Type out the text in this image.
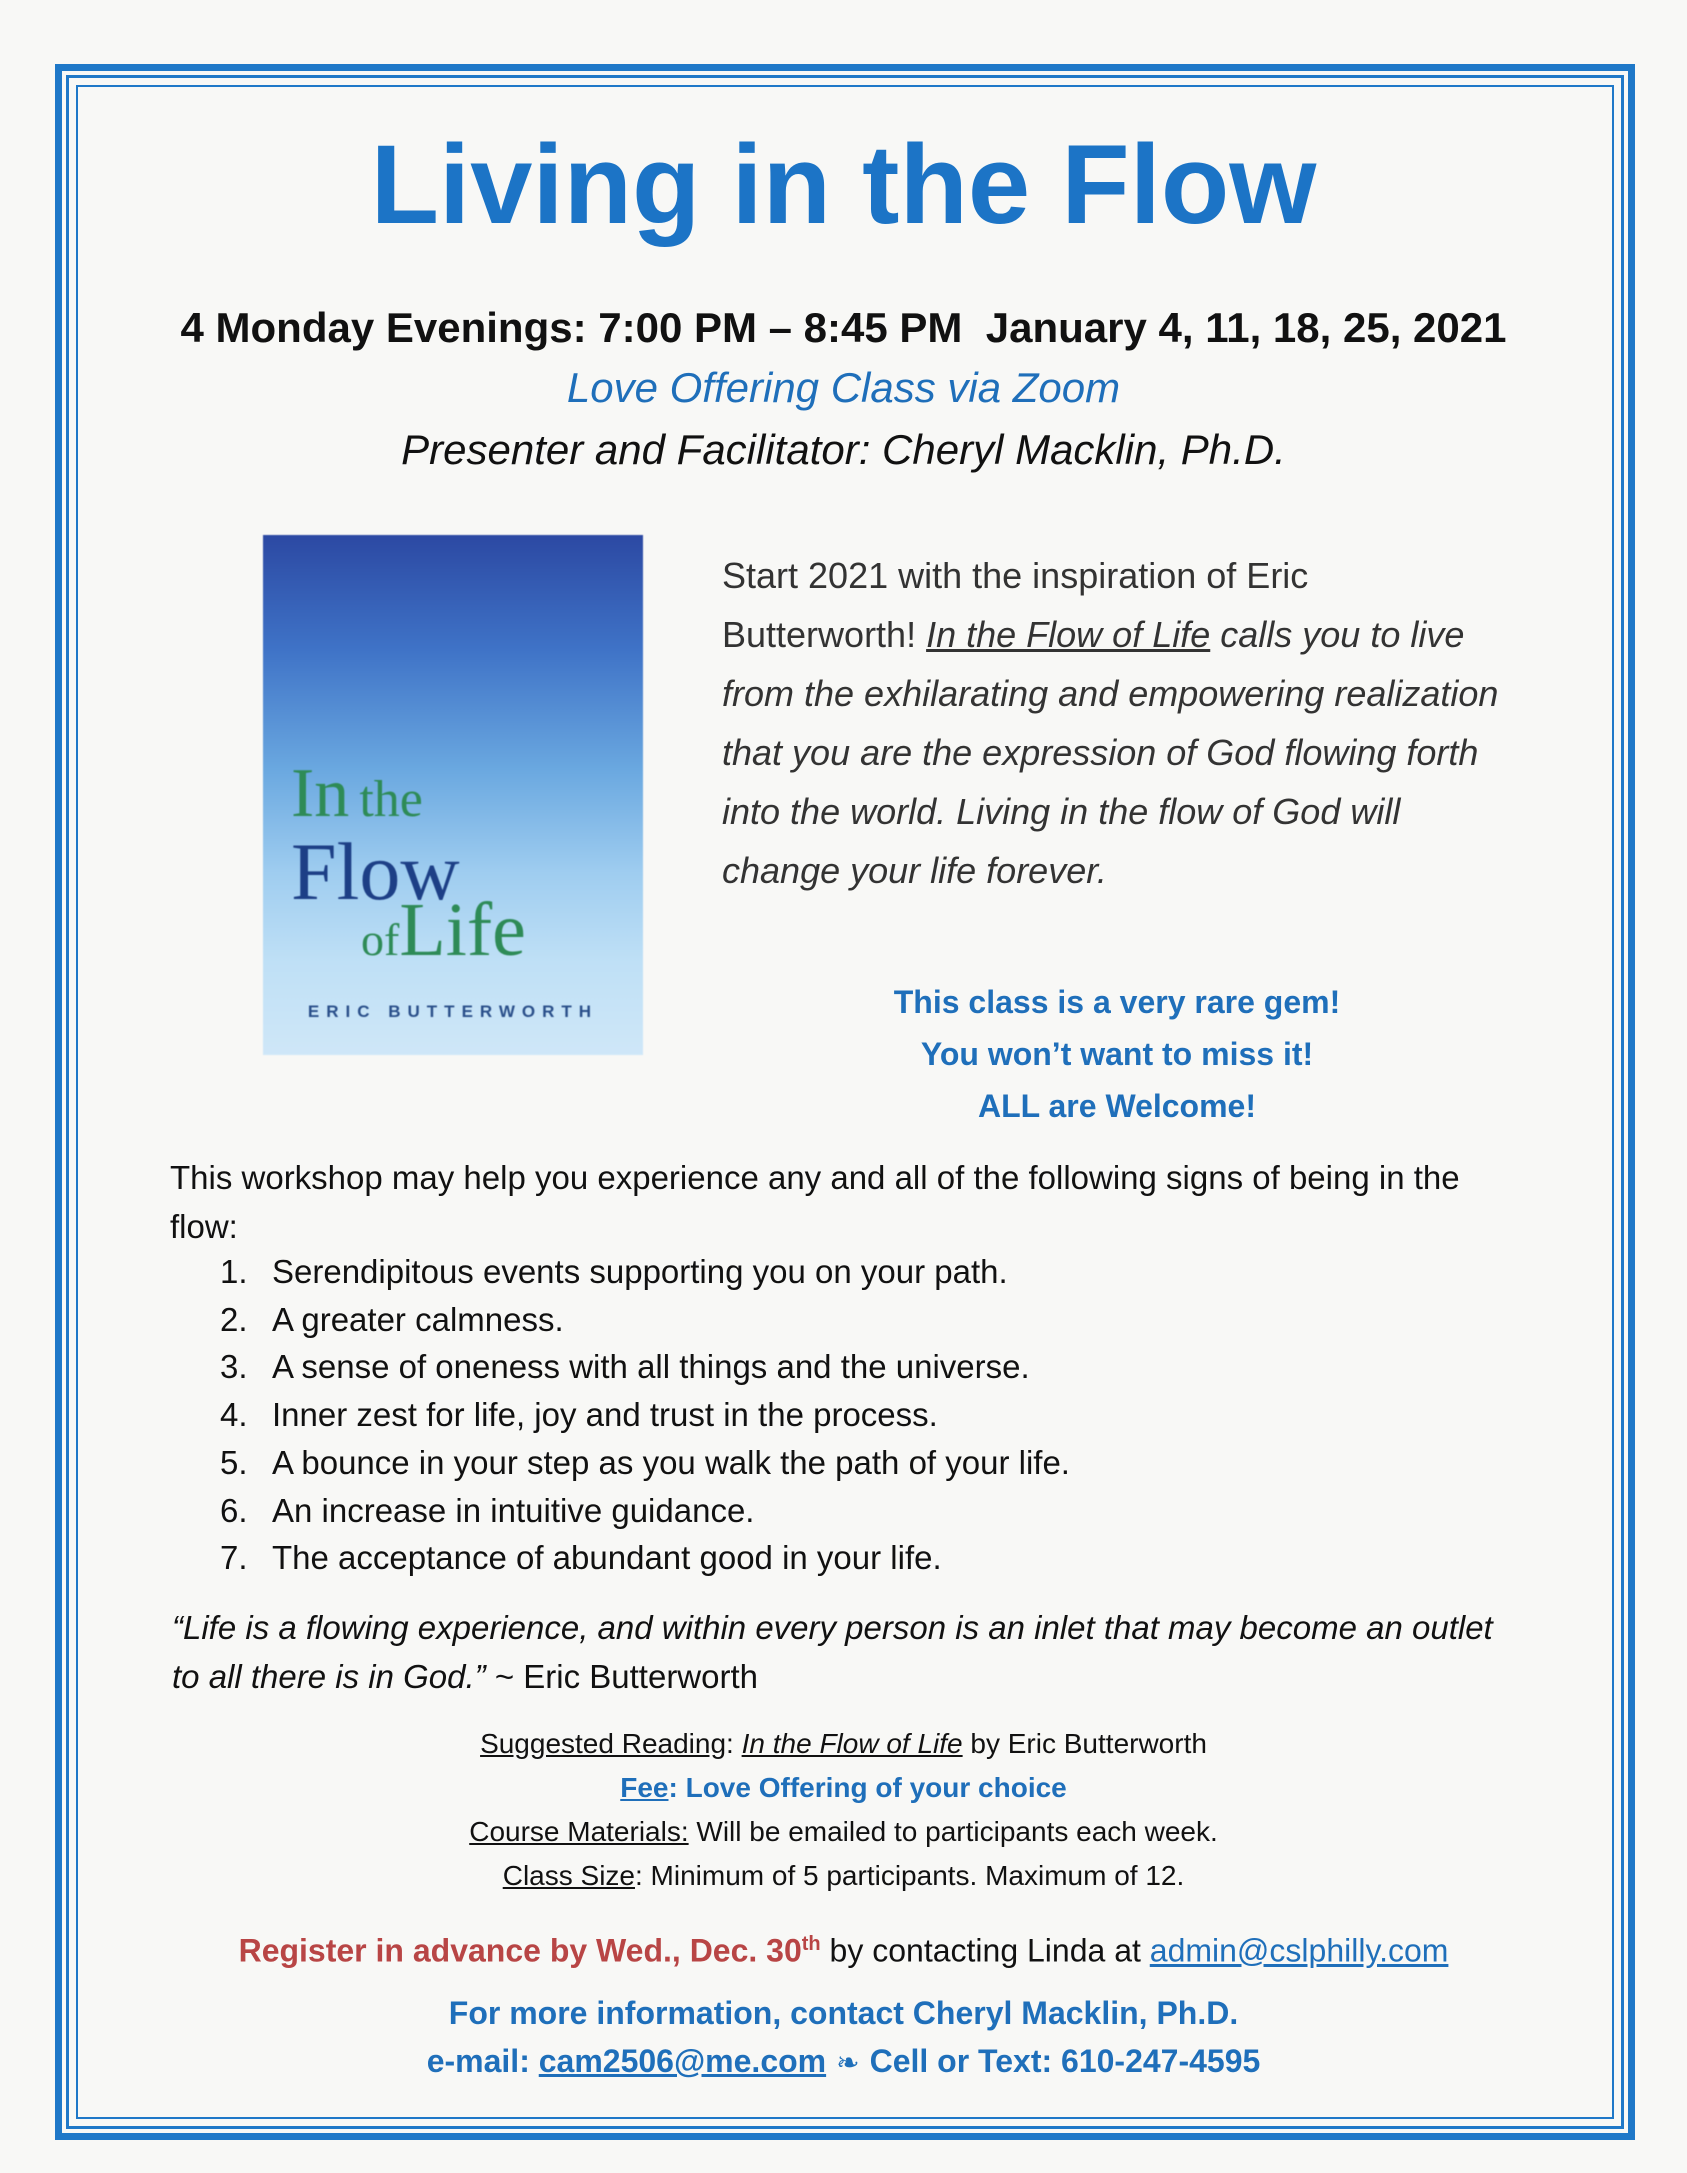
Living in the Flow
4 Monday Evenings: 7:00 PM – 8:45 PM  January 4, 11, 18, 25, 2021
Love Offering Class via Zoom
Presenter and Facilitator: Cheryl Macklin, Ph.D.
In the
Flow
ofLife
ERIC BUTTERWORTH
Start 2021 with the inspiration of Eric Butterworth! In the Flow of Life calls you to live from the exhilarating and empowering realization that you are the expression of God flowing forth into the world. Living in the flow of God will change your life forever.
This class is a very rare gem!
You won’t want to miss it!
ALL are Welcome!
This workshop may help you experience any and all of the following signs of being in the flow:
1. Serendipitous events supporting you on your path.
2. A greater calmness.
3. A sense of oneness with all things and the universe.
4. Inner zest for life, joy and trust in the process.
5. A bounce in your step as you walk the path of your life.
6. An increase in intuitive guidance.
7. The acceptance of abundant good in your life.
“Life is a flowing experience, and within every person is an inlet that may become an outlet to all there is in God.” ~ Eric Butterworth
Suggested Reading: In the Flow of Life by Eric Butterworth
Fee: Love Offering of your choice
Course Materials: Will be emailed to participants each week.
Class Size: Minimum of 5 participants. Maximum of 12.
Register in advance by Wed., Dec. 30th by contacting Linda at admin@cslphilly.com
For more information, contact Cheryl Macklin, Ph.D.
e-mail: cam2506@me.com ❧ Cell or Text: 610-247-4595
